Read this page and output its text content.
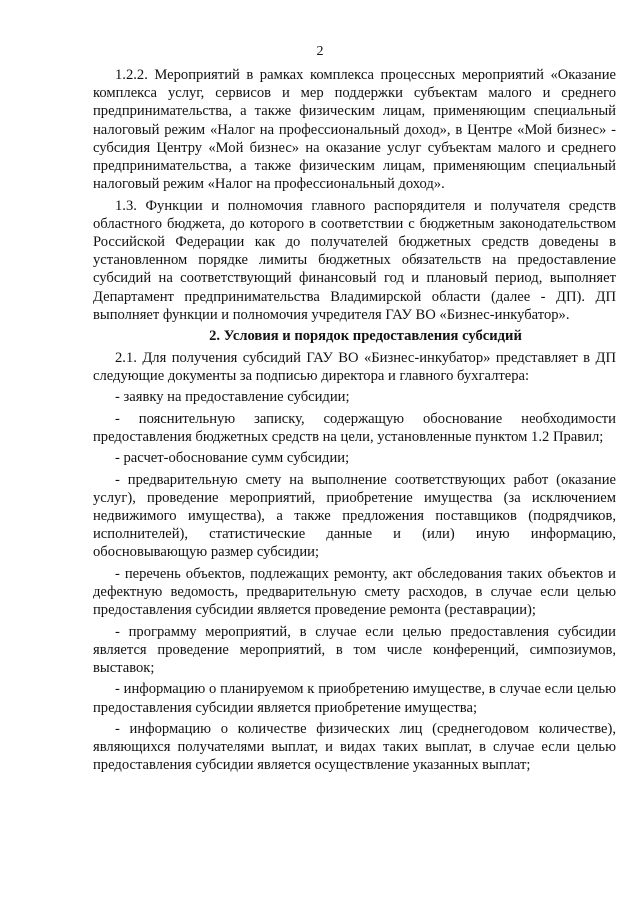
2

1.2.2. Мероприятий в рамках комплекса процессных мероприятий «Оказание комплекса услуг, сервисов и мер поддержки субъектам малого и среднего предпринимательства, а также физическим лицам, применяющим специальный налоговый режим «Налог на профессиональный доход», в Центре «Мой бизнес» - субсидия Центру «Мой бизнес» на оказание услуг субъектам малого и среднего предпринимательства, а также физическим лицам, применяющим специальный налоговый режим «Налог на профессиональный доход».

1.3. Функции и полномочия главного распорядителя и получателя средств областного бюджета, до которого в соответствии с бюджетным законодательством Российской Федерации как до получателей бюджетных средств доведены в установленном порядке лимиты бюджетных обязательств на предоставление субсидий на соответствующий финансовый год и плановый период, выполняет Департамент предпринимательства Владимирской области (далее - ДП). ДП выполняет функции и полномочия учредителя ГАУ ВО «Бизнес-инкубатор».

2. Условия и порядок предоставления субсидий

2.1. Для получения субсидий ГАУ ВО «Бизнес-инкубатор» представляет в ДП следующие документы за подписью директора и главного бухгалтера:

- заявку на предоставление субсидии;

- пояснительную записку, содержащую обоснование необходимости предоставления бюджетных средств на цели, установленные пунктом 1.2 Правил;

- расчет-обоснование сумм субсидии;

- предварительную смету на выполнение соответствующих работ (оказание услуг), проведение мероприятий, приобретение имущества (за исключением недвижимого имущества), а также предложения поставщиков (подрядчиков, исполнителей), статистические данные и (или) иную информацию, обосновывающую размер субсидии;

- перечень объектов, подлежащих ремонту, акт обследования таких объектов и дефектную ведомость, предварительную смету расходов, в случае если целью предоставления субсидии является проведение ремонта (реставрации);

- программу мероприятий, в случае если целью предоставления субсидии является проведение мероприятий, в том числе конференций, симпозиумов, выставок;

- информацию о планируемом к приобретению имуществе, в случае если целью предоставления субсидии является приобретение имущества;

- информацию о количестве физических лиц (среднегодовом количестве), являющихся получателями выплат, и видах таких выплат, в случае если целью предоставления субсидии является осуществление указанных выплат;
